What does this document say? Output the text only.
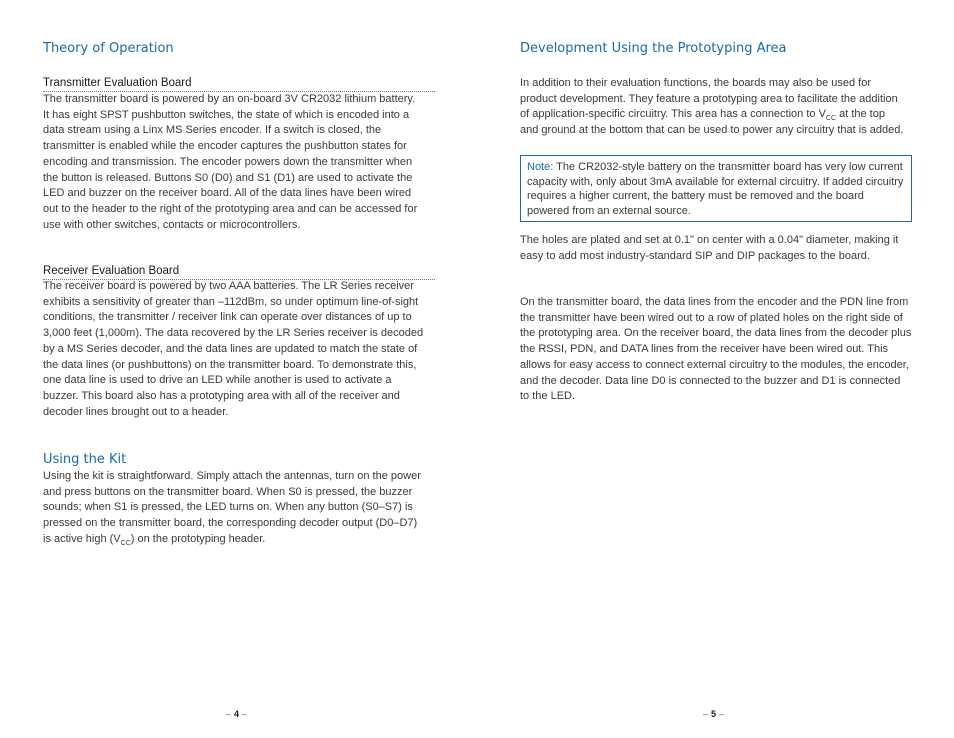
Theory of Operation
Transmitter Evaluation Board

The transmitter board is powered by an on-board 3V CR2032 lithium battery. It has eight SPST pushbutton switches, the state of which is encoded into a data stream using a Linx MS Series encoder. If a switch is closed, the transmitter is enabled while the encoder captures the pushbutton states for encoding and transmission. The encoder powers down the transmitter when the button is released. Buttons S0 (D0) and S1 (D1) are used to activate the LED and buzzer on the receiver board. All of the data lines have been wired out to the header to the right of the prototyping area and can be accessed for use with other switches, contacts or microcontrollers.

Receiver Evaluation Board

The receiver board is powered by two AAA batteries. The LR Series receiver exhibits a sensitivity of greater than –112dBm, so under optimum line-of-sight conditions, the transmitter / receiver link can operate over distances of up to 3,000 feet (1,000m). The data recovered by the LR Series receiver is decoded by a MS Series decoder, and the data lines are updated to match the state of the data lines (or pushbuttons) on the transmitter board. To demonstrate this, one data line is used to drive an LED while another is used to activate a buzzer. This board also has a prototyping area with all of the receiver and decoder lines brought out to a header.

Using the Kit

Using the kit is straightforward. Simply attach the antennas, turn on the power and press buttons on the transmitter board. When S0 is pressed, the buzzer sounds; when S1 is pressed, the LED turns on. When any button (S0–S7) is pressed on the transmitter board, the corresponding decoder output (D0–D7) is active high $(V_{CC})$ on the prototyping header.

– 4 –
Development Using the Prototyping Area

In addition to their evaluation functions, the boards may also be used for product development. They feature a prototyping area to facilitate the addition of application-specific circuitry. This area has a connection to $V_{CC}$ at the top and ground at the bottom that can be used to power any circuitry that is added.

Note: The CR2032-style battery on the transmitter board has very low current capacity with, only about 3mA available for external circuitry. If added circuitry requires a higher current, the battery must be removed and the board powered from an external source.

The holes are plated and set at 0.1" on center with a 0.04" diameter, making it easy to add most industry-standard SIP and DIP packages to the board.

On the transmitter board, the data lines from the encoder and the PDN line from the transmitter have been wired out to a row of plated holes on the right side of the prototyping area. On the receiver board, the data lines from the decoder plus the RSSI, PDN, and DATA lines from the receiver have been wired out. This allows for easy access to connect external circuitry to the modules, the encoder, and the decoder. Data line D0 is connected to the buzzer and D1 is connected to the LED.

– 5 –
